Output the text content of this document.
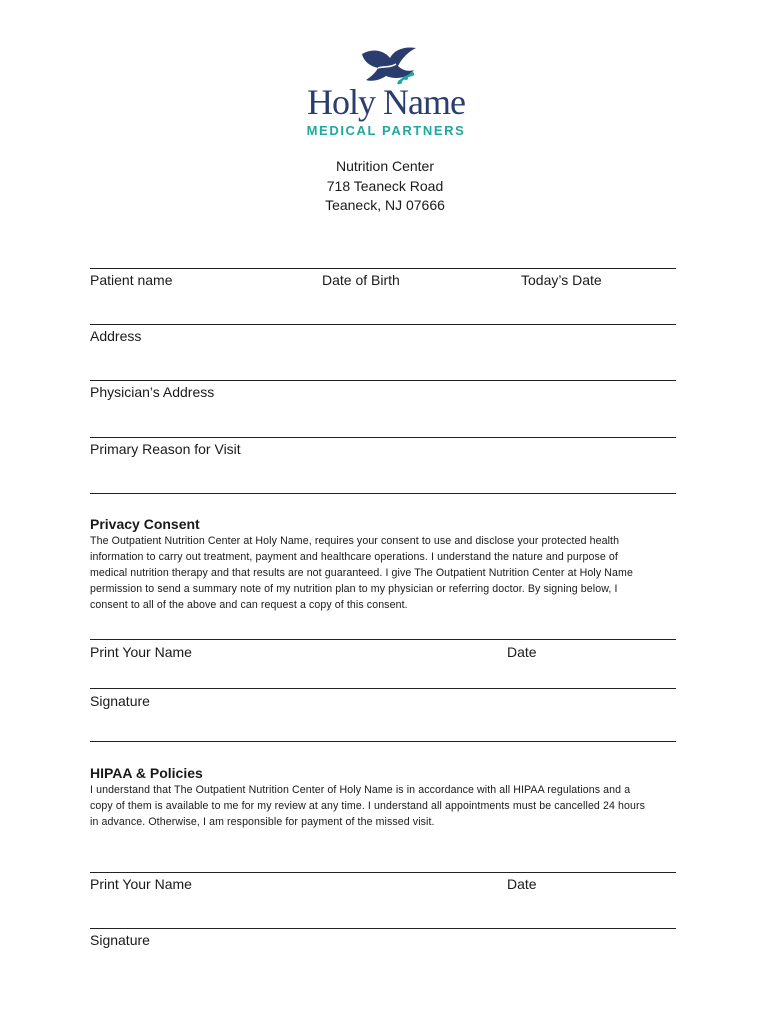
Holy Name
MEDICAL PARTNERS
Nutrition Center
718 Teaneck Road
Teaneck, NJ 07666
Patient name	Date of Birth	Today’s Date
Address
Physician’s Address
Primary Reason for Visit
Privacy Consent
The Outpatient Nutrition Center at Holy Name, requires your consent to use and disclose your protected health
information to carry out treatment, payment and healthcare operations. I understand the nature and purpose of
medical nutrition therapy and that results are not guaranteed. I give The Outpatient Nutrition Center at Holy Name
permission to send a summary note of my nutrition plan to my physician or referring doctor. By signing below, I
consent to all of the above and can request a copy of this consent.
Print Your Name	Date
Signature
HIPAA & Policies
I understand that The Outpatient Nutrition Center of Holy Name is in accordance with all HIPAA regulations and a
copy of them is available to me for my review at any time. I understand all appointments must be cancelled 24 hours
in advance. Otherwise, I am responsible for payment of the missed visit.
Print Your Name	Date
Signature
